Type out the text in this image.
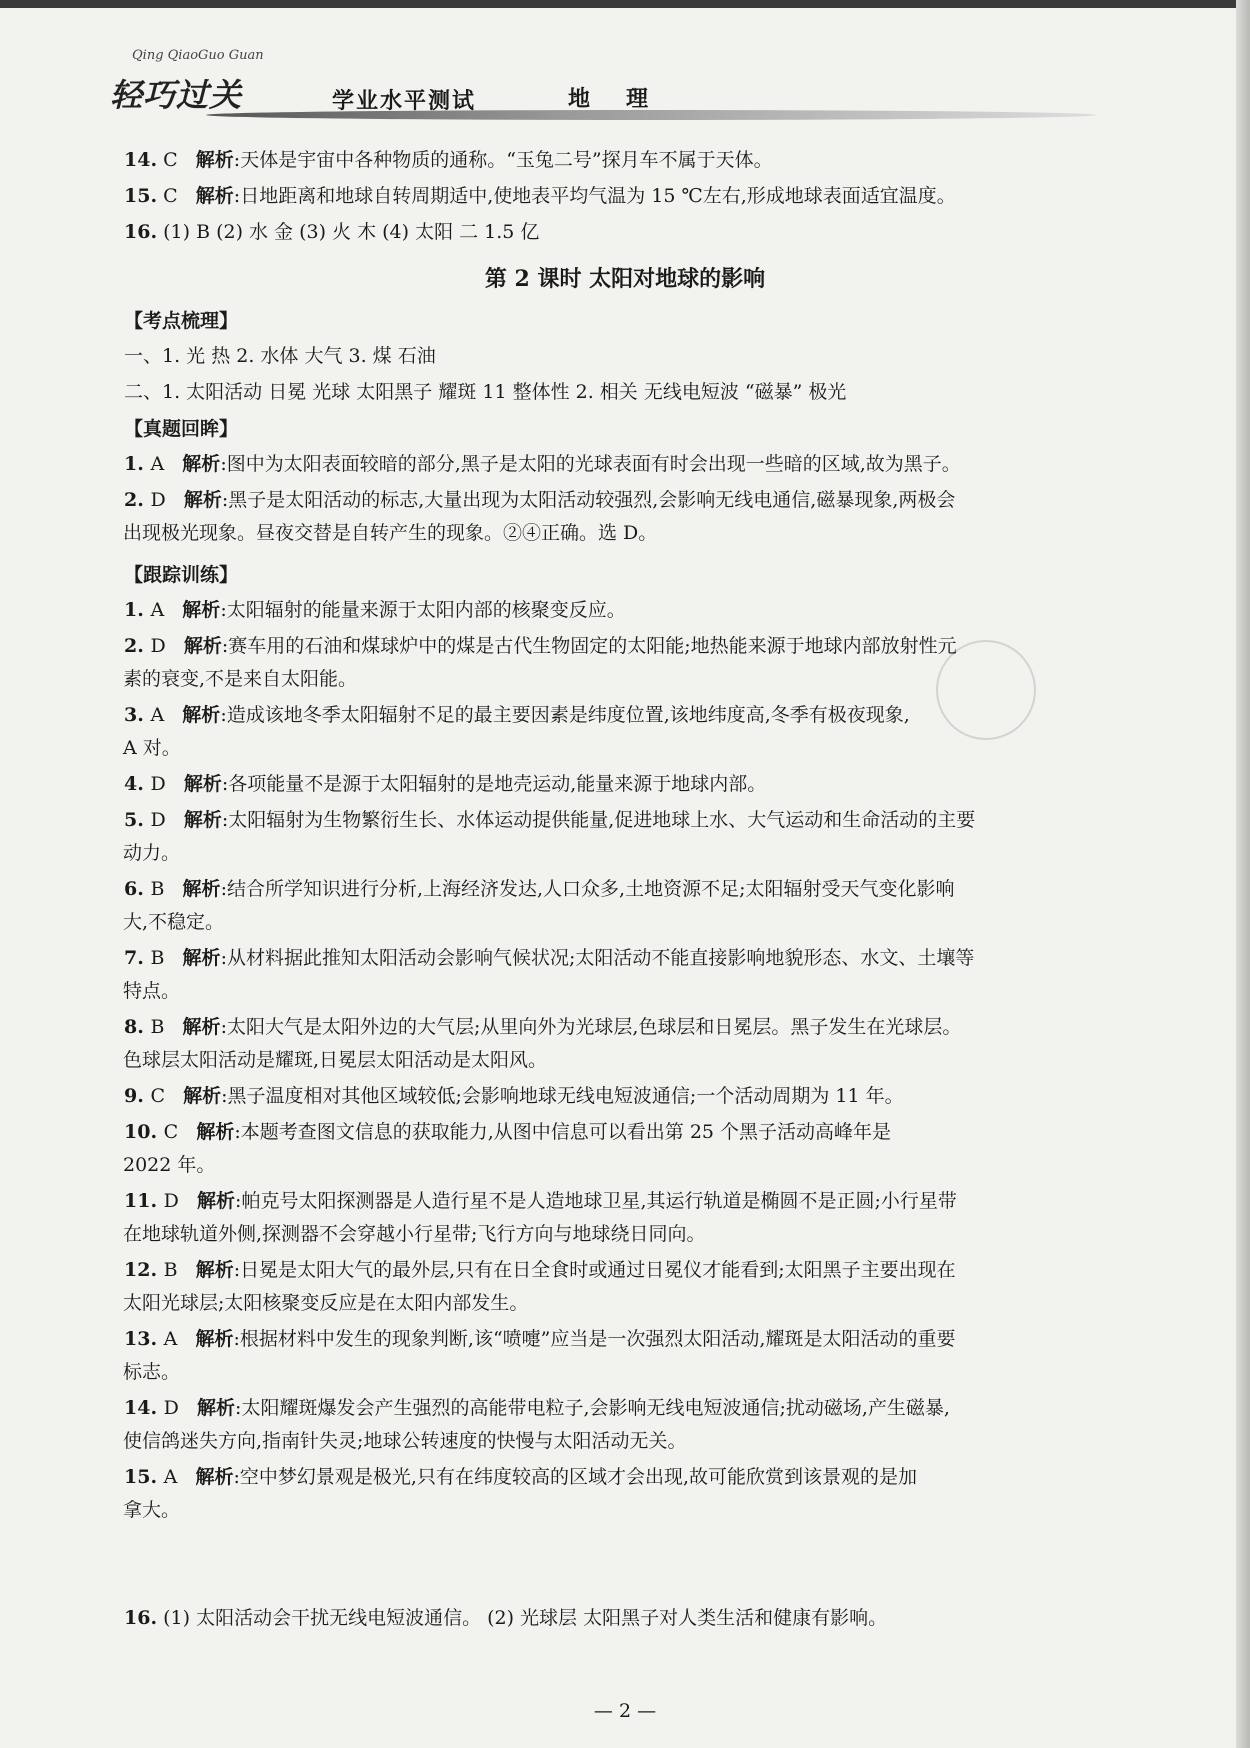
Qing QiaoGuo Guan
轻巧过关	学业水平测试	地理
14. C 解析:天体是宇宙中各种物质的通称。“玉兔二号”探月车不属于天体。
15. C 解析:日地距离和地球自转周期适中,使地表平均气温为 15 ℃左右,形成地球表面适宜温度。
16. (1) B (2) 水 金 (3) 火 木 (4) 太阳 二 1.5 亿
第 2 课时 太阳对地球的影响
【考点梳理】
一、1. 光 热 2. 水体 大气 3. 煤 石油
二、1. 太阳活动 日冕 光球 太阳黑子 耀斑 11 整体性 2. 相关 无线电短波 “磁暴” 极光
【真题回眸】
1. A   解析:图中为太阳表面较暗的部分,黑子是太阳的光球表面有时会出现一些暗的区域,故为黑子。
2. D   解析:黑子是太阳活动的标志,大量出现为太阳活动较强烈,会影响无线电通信,磁暴现象,两极会
出现极光现象。昼夜交替是自转产生的现象。②④正确。选 D。
【跟踪训练】
1. A   解析:太阳辐射的能量来源于太阳内部的核聚变反应。
2. D   解析:赛车用的石油和煤球炉中的煤是古代生物固定的太阳能;地热能来源于地球内部放射性元
素的衰变,不是来自太阳能。
3. A   解析:造成该地冬季太阳辐射不足的最主要因素是纬度位置,该地纬度高,冬季有极夜现象,
A 对。
4. D   解析:各项能量不是源于太阳辐射的是地壳运动,能量来源于地球内部。
5. D   解析:太阳辐射为生物繁衍生长、水体运动提供能量,促进地球上水、大气运动和生命活动的主要
动力。
6. B   解析:结合所学知识进行分析,上海经济发达,人口众多,土地资源不足;太阳辐射受天气变化影响
大,不稳定。
7. B   解析:从材料据此推知太阳活动会影响气候状况;太阳活动不能直接影响地貌形态、水文、土壤等
特点。
8. B   解析:太阳大气是太阳外边的大气层;从里向外为光球层,色球层和日冕层。黑子发生在光球层。
色球层太阳活动是耀斑,日冕层太阳活动是太阳风。
9. C   解析:黑子温度相对其他区域较低;会影响地球无线电短波通信;一个活动周期为 11 年。
10. C   解析:本题考查图文信息的获取能力,从图中信息可以看出第 25 个黑子活动高峰年是
2022 年。
11. D   解析:帕克号太阳探测器是人造行星不是人造地球卫星,其运行轨道是椭圆不是正圆;小行星带
在地球轨道外侧,探测器不会穿越小行星带;飞行方向与地球绕日同向。
12. B   解析:日冕是太阳大气的最外层,只有在日全食时或通过日冕仪才能看到;太阳黑子主要出现在
太阳光球层;太阳核聚变反应是在太阳内部发生。
13. A   解析:根据材料中发生的现象判断,该“喷嚏”应当是一次强烈太阳活动,耀斑是太阳活动的重要
标志。
14. D   解析:太阳耀斑爆发会产生强烈的高能带电粒子,会影响无线电短波通信;扰动磁场,产生磁暴,
使信鸽迷失方向,指南针失灵;地球公转速度的快慢与太阳活动无关。
15. A   解析:空中梦幻景观是极光,只有在纬度较高的区域才会出现,故可能欣赏到该景观的是加
拿大。
16. (1) 太阳活动会干扰无线电短波通信。 (2) 光球层 太阳黑子对人类生活和健康有影响。
— 2 —
